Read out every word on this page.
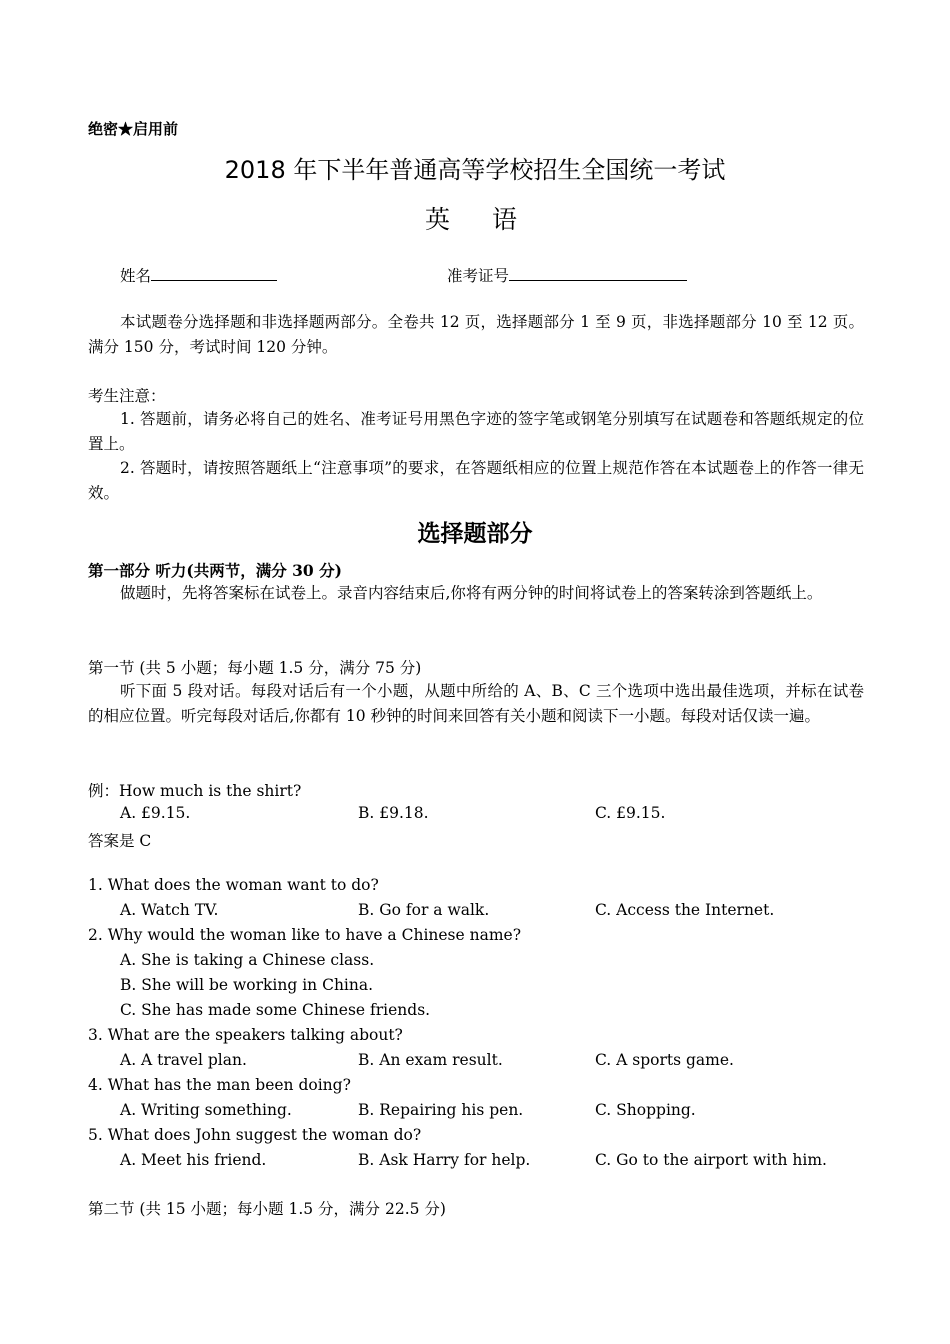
绝密★启用前
2018 年下半年普通高等学校招生全国统一考试
英 语
姓名	准考证号
本试题卷分选择题和非选择题两部分。全卷共 12 页，选择题部分 1 至 9 页，非选择题部分 10 至 12 页。满分 150 分，考试时间 120 分钟。
考生注意：
1. 答题前，请务必将自己的姓名、准考证号用黑色字迹的签字笔或钢笔分别填写在试题卷和答题纸规定的位置上。
2. 答题时，请按照答题纸上“注意事项”的要求，在答题纸相应的位置上规范作答在本试题卷上的作答一律无效。
选择题部分
第一部分 听力(共两节，满分 30 分)
做题时，先将答案标在试卷上。录音内容结束后,你将有两分钟的时间将试卷上的答案转涂到答题纸上。
第一节 (共 5 小题；每小题 1.5 分，满分 75 分)
听下面 5 段对话。每段对话后有一个小题，从题中所给的 A、B、C 三个选项中选出最佳选项，并标在试卷的相应位置。听完每段对话后,你都有 10 秒钟的时间来回答有关小题和阅读下一小题。每段对话仅读一遍。
例：How much is the shirt?
A. £9.15.	B. £9.18.	C. £9.15.
答案是 C
1. What does the woman want to do?
A. Watch TV.	B. Go for a walk.	C. Access the Internet.
2. Why would the woman like to have a Chinese name?
A. She is taking a Chinese class.
B. She will be working in China.
C. She has made some Chinese friends.
3. What are the speakers talking about?
A. A travel plan.	B. An exam result.	C. A sports game.
4. What has the man been doing?
A. Writing something.	B. Repairing his pen.	C. Shopping.
5. What does John suggest the woman do?
A. Meet his friend.	B. Ask Harry for help.	C. Go to the airport with him.
第二节 (共 15 小题；每小题 1.5 分，满分 22.5 分)
